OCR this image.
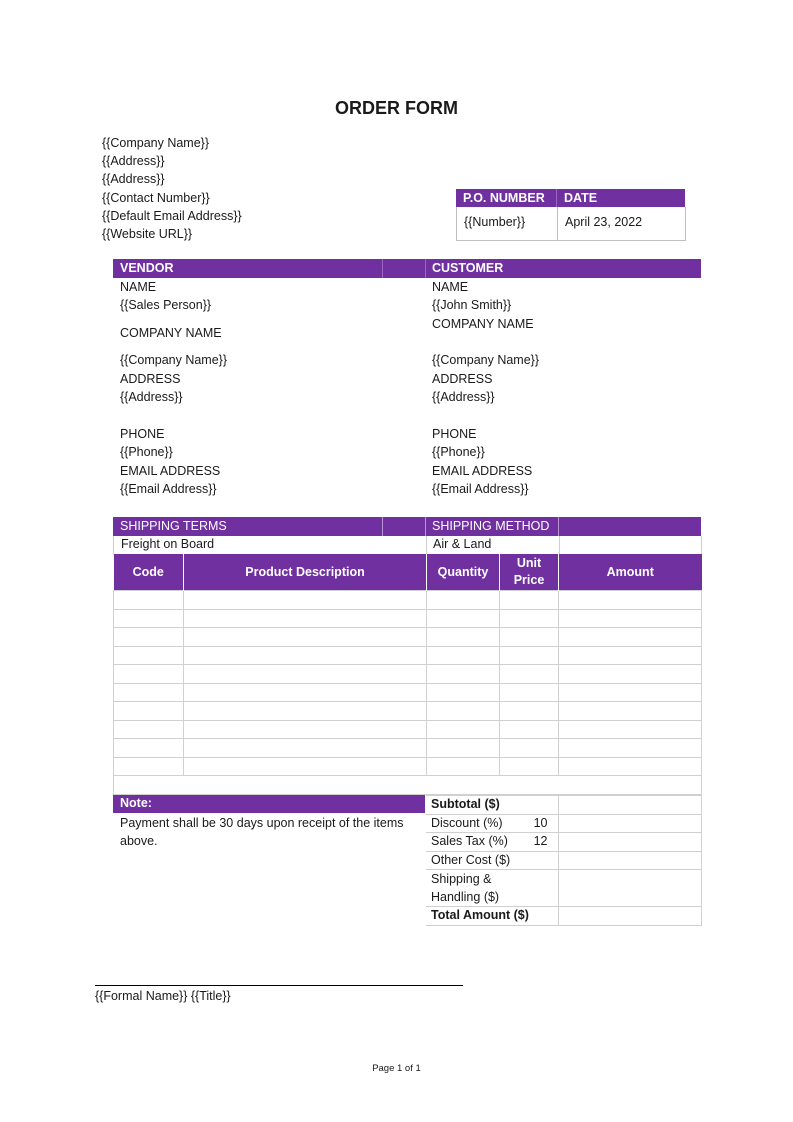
ORDER FORM
{{Company Name}}
{{Address}}
{{Address}}
{{Contact Number}}
{{Default Email Address}}
{{Website URL}}
P.O. NUMBER DATE
{{Number}}	April 23, 2022
VENDOR	CUSTOMER
NAME
{{Sales Person}}
COMPANY NAME
{{Company Name}}
ADDRESS
{{Address}}
PHONE
{{Phone}}
EMAIL ADDRESS
{{Email Address}}
NAME
{{John Smith}}
COMPANY NAME
{{Company Name}}
ADDRESS
{{Address}}
PHONE
{{Phone}}
EMAIL ADDRESS
{{Email Address}}
SHIPPING TERMS	SHIPPING METHOD
Freight on Board	Air & Land
Code	Product Description	Quantity	Unit Price	Amount

Note:
Payment shall be 30 days upon receipt of the items above.
Subtotal ($)		
Discount (%)	10	
Sales Tax (%)	12	
Other Cost ($)		
Shipping & Handling ($)		
Total Amount ($)		
{{Formal Name}} {{Title}}
Page 1 of 1
